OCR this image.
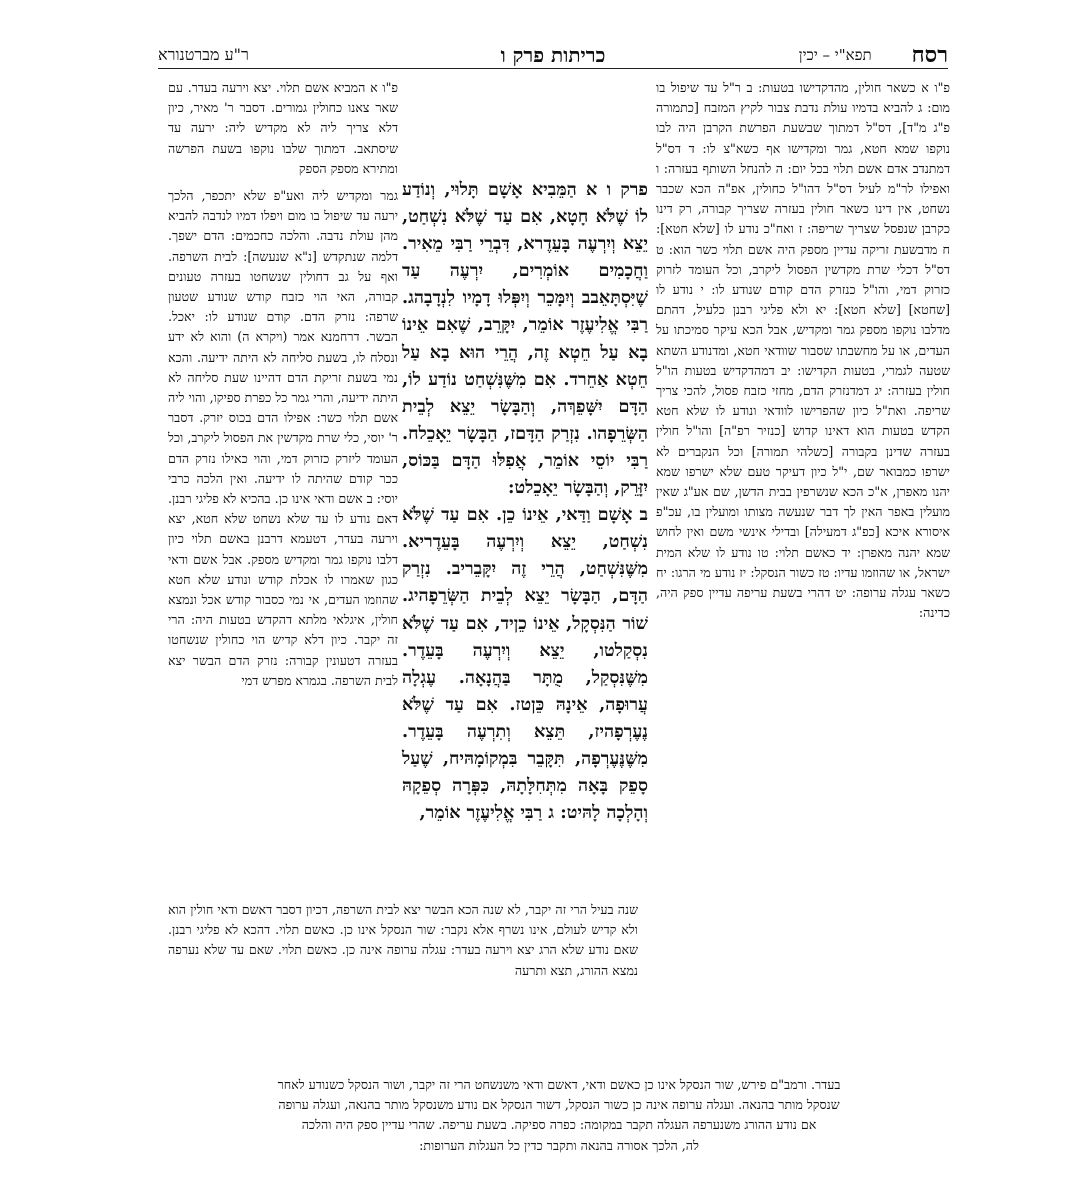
רסח
תפא"י – יכין
כריתות פרק ו
ר"ע מברטנורא

פ"ו א כשאר חולין, מהדקדישו בטעות: ב ר"ל עד שיפול בו מום: ג להביא בדמיו עולת נדבת צבור לקיץ המזבח [כתמורה פ"ג מ"ד], דס"ל דמתוך שבשעת הפרשת הקרבן היה לבו נוקפו שמא חטא, גמר ומקדישו אף כשא"צ לו: ד דס"ל דמתנדב אדם אשם תלוי בכל יום: ה להנחל השותף בעזרה: ו ואפילו לר"מ לעיל דס"ל דהו"ל כחולין, אפ"ה הכא שכבר נשחט, אין דינו כשאר חולין בעזרה שצריך קבורה, רק דינו כקרבן שנפסל שצריך שריפה: ז ואח"כ נודע לו [שלא חטא]: ח מדבשעת זריקה עדיין מספק היה אשם תלוי כשר הוא: ט דס"ל דכלי שרת מקדשין הפסול ליקרב, וכל העומד לזרוק כזרוק דמי, והו"ל כנזרק הדם קודם שנודע לו: י נודע לו [שחטא] [שלא חטא]: יא ולא פליגי רבנן כלעיל, דהתם מדלבו נוקפו מספק גמר ומקדיש, אבל הכא עיקר סמיכתו על העדים, או על מחשבתו שסבור שוודאי חטא, ומדנודע השתא שטעה לגמרי, בטעות הקדישו: יב דמהדקדיש בטעות הו"ל חולין בעזרה: יג דמדנזרק הדם, מחזי כזבח פסול, להכי צריך שריפה. ואת"ל כיון שהפרישו לוודאי ונודע לו שלא חטא הקדש בטעות הוא דאינו קדוש [כנזיר רפ"ה] והו"ל חולין בעזרה שדינן בקבורה [כשלהי תמורה] וכל הנקברים לא ישרפו כמבואר שם, י"ל כיון דעיקר טעם שלא ישרפו שמא יהנו מאפרן, א"כ הכא שנשרפין בבית הדשן, שם אע"ג שאין מועלין באפר האין לך דבר שנעשה מצותו ומועלין בו, עכ"פ איסורא איכא [כפ"ג דמעילה] ובדילי אינשי משם ואין לחוש שמא יהנה מאפרן: יד כאשם תלוי: טו נודע לו שלא המית ישראל, או שהוזמו עדיו: טז כשור הנסקל: יז נודע מי הרגו: יח כשאר עגלה ערופה: יט דהרי בשעת עריפה עדיין ספק היה, כדינה:

פ"ו א המביא אשם תלוי. יצא וירעה בעדר. עם שאר צאנו כחולין גמורים. דסבר ר' מאיר, כיון דלא צריך ליה לא מקדיש ליה: ירעה עד שיסתאב. דמתוך שלבו נוקפו בשעת הפרשה ומתירא מספק הספק

פרק ו א הַמֵּבִיא אָשָׁם תָּלוּי, וְנוֹדַע לוֹ שֶׁלֹּא חָטָא, אִם עַד שֶׁלֹּא נִשְׁחַט, יֵצֵא וְיִרְעֶה בָּעֵדֶרא, דִּבְרֵי רַבִּי מֵאִיר. וַחֲכָמִים אוֹמְרִים, יִרְעֶה עַד שֶׁיִּסְתָּאֵבב וְיִמָּכֵר וְיִפְּלוּ דָמָיו לִנְדָבָהג. רַבִּי אֱלִיעֶזֶר אוֹמֵר, יִקָּרֵב, שֶׁאִם אֵינוֹ בָא עַל חֵטְא זֶה, הֲרֵי הוּא בָא עַל חֵטְא אַחֵרד. אִם מִשֶּׁנִּשְׁחַט נוֹדַע לוֹ, הַדָּם יִשָּׁפֵךְה, וְהַבָּשָׂר יֵצֵא לְבֵית הַשְּׂרֵפָהו. נִזְרַק הַדָּםז, הַבָּשָׂר יֵאָכֵלח. רַבִּי יוֹסֵי אוֹמֵר, אֲפִלּוּ הַדָּם בַּכּוֹס, יִזָּרֵק, וְהַבָּשָׂר יֵאָכֵלט:

ב אָשָׁם וַדַּאי, אֵינוֹ כֵן. אִם עַד שֶׁלֹּא נִשְׁחַט, יֵצֵא וְיִרְעֶה בָּעֵדֶריא. מִשֶּׁנִּשְׁחַט, הֲרֵי זֶה יִקָּבֵריב. נִזְרַק הַדָּם, הַבָּשָׂר יֵצֵא לְבֵית הַשְּׂרֵפָהיג. שׁוֹר הַנִּסְקָל, אֵינוֹ כֵןיד, אִם עַד שֶׁלֹּא נִסְקַלטו, יֵצֵא וְיִרְעֶה בָּעֵדֶר. מִשֶּׁנִּסְקַל, מֻתָּר בַּהֲנָאָה. עֶגְלָה עֲרוּפָה, אֵינָהּ כֵּןטז. אִם עַד שֶׁלֹּא נֶעֶרְפָהיז, תֵּצֵא וְתִרְעֶה בָּעֵדֶר. מִשֶּׁנֶּעֶרְפָה, תִּקָּבֵר בִּמְקוֹמָהּיח, שֶׁעַל סָפֵק בָּאָה מִתְּחִלָּתָהּ, כִּפְּרָה סְפֵקָהּ וְהָלְכָה לָהּיט: ג רַבִּי אֱלִיעֶזֶר אוֹמֵר,

גמר ומקדיש ליה ואע"פ שלא יתכפר, הלכך ירעה עד שיפול בו מום ויפלו דמיו לנדבה להביא מהן עולת נדבה. והלכה כחכמים: הדם ישפך. דלמה שנתקדש [נ"א שנעשה]: לבית השרפה. ואף על גב דחולין שנשחטו בעזרה טעונים קבורה, האי הוי כזבח קודש שנודע שטעון שרפה: נזרק הדם. קודם שנודע לו: יאכל. הבשר. דרחמנא אמר (ויקרא ה) והוא לא ידע ונסלח לו, בשעת סליחה לא היתה ידיעה. והכא נמי בשעת זריקת הדם דהיינו שעת סליחה לא היתה ידיעה, והרי גמר כל כפרת ספיקו, והוי ליה אשם תלוי כשר: אפילו הדם בכוס יזרק. דסבר ר' יוסי, כלי שרת מקדשין את הפסול ליקרב, וכל העומד ליזרק כזרוק דמי, והוי כאילו נזרק הדם ככר קודם שהיתה לו ידיעה. ואין הלכה כרבי יוסי: ב אשם ודאי אינו כן. בהכיא לא פליגי רבנן. דאם נודע לו עד שלא נשחט שלא חטא, יצא וירעה בעדר, דטעמא דרבנן באשם תלוי כיון דלבו נוקפו גמר ומקדיש מספק. אבל אשם ודאי כגון שאמרו לו אכלת קודש ונודע שלא חטא שהוזמו העדים, אי נמי כסבור קודש אכל ונמצא חולין, איגלאי מלתא דהקדש בטעות היה: הרי זה יקבר. כיון דלא קדיש הוי כחולין שנשחטו בעזרה דטעונין קבורה: נזרק הדם הבשר יצא לבית השרפה. בגמרא מפרש דמי

שנה בעיל הרי זה יקבר, לא שנה הכא הבשר יצא לבית השרפה, דכיון דסבר דאשם ודאי חולין הוא ולא קדיש לעולם, אינו נשרף אלא נקבר: שור הנסקל אינו כן. כאשם תלוי. דהכא לא פליגי רבנן. שאם נודע שלא הרג יצא וירעה בעדר: עגלה ערופה אינה כן. כאשם תלוי. שאם עד שלא נערפה נמצא ההורג, תצא ותרעה

בעדר. ורמב"ם פירש, שור הנסקל אינו כן כאשם ודאי, דאשם ודאי משנשחט הרי זה יקבר, ושור הנסקל כשנודע לאחר
שנסקל מותר בהנאה. ועגלה ערופה אינה כן כשור הנסקל, דשור הנסקל אם נודע משנסקל מותר בהנאה, ועגלה ערופה
אם נודע ההורג משנערפה העגלה תקבר במקומה: כפרה ספיקה. בשעת עריפה. שהרי עדיין ספק היה והלכה
לה, הלכך אסורה בהנאה ותקבר כדין כל העגלות הערופות:
